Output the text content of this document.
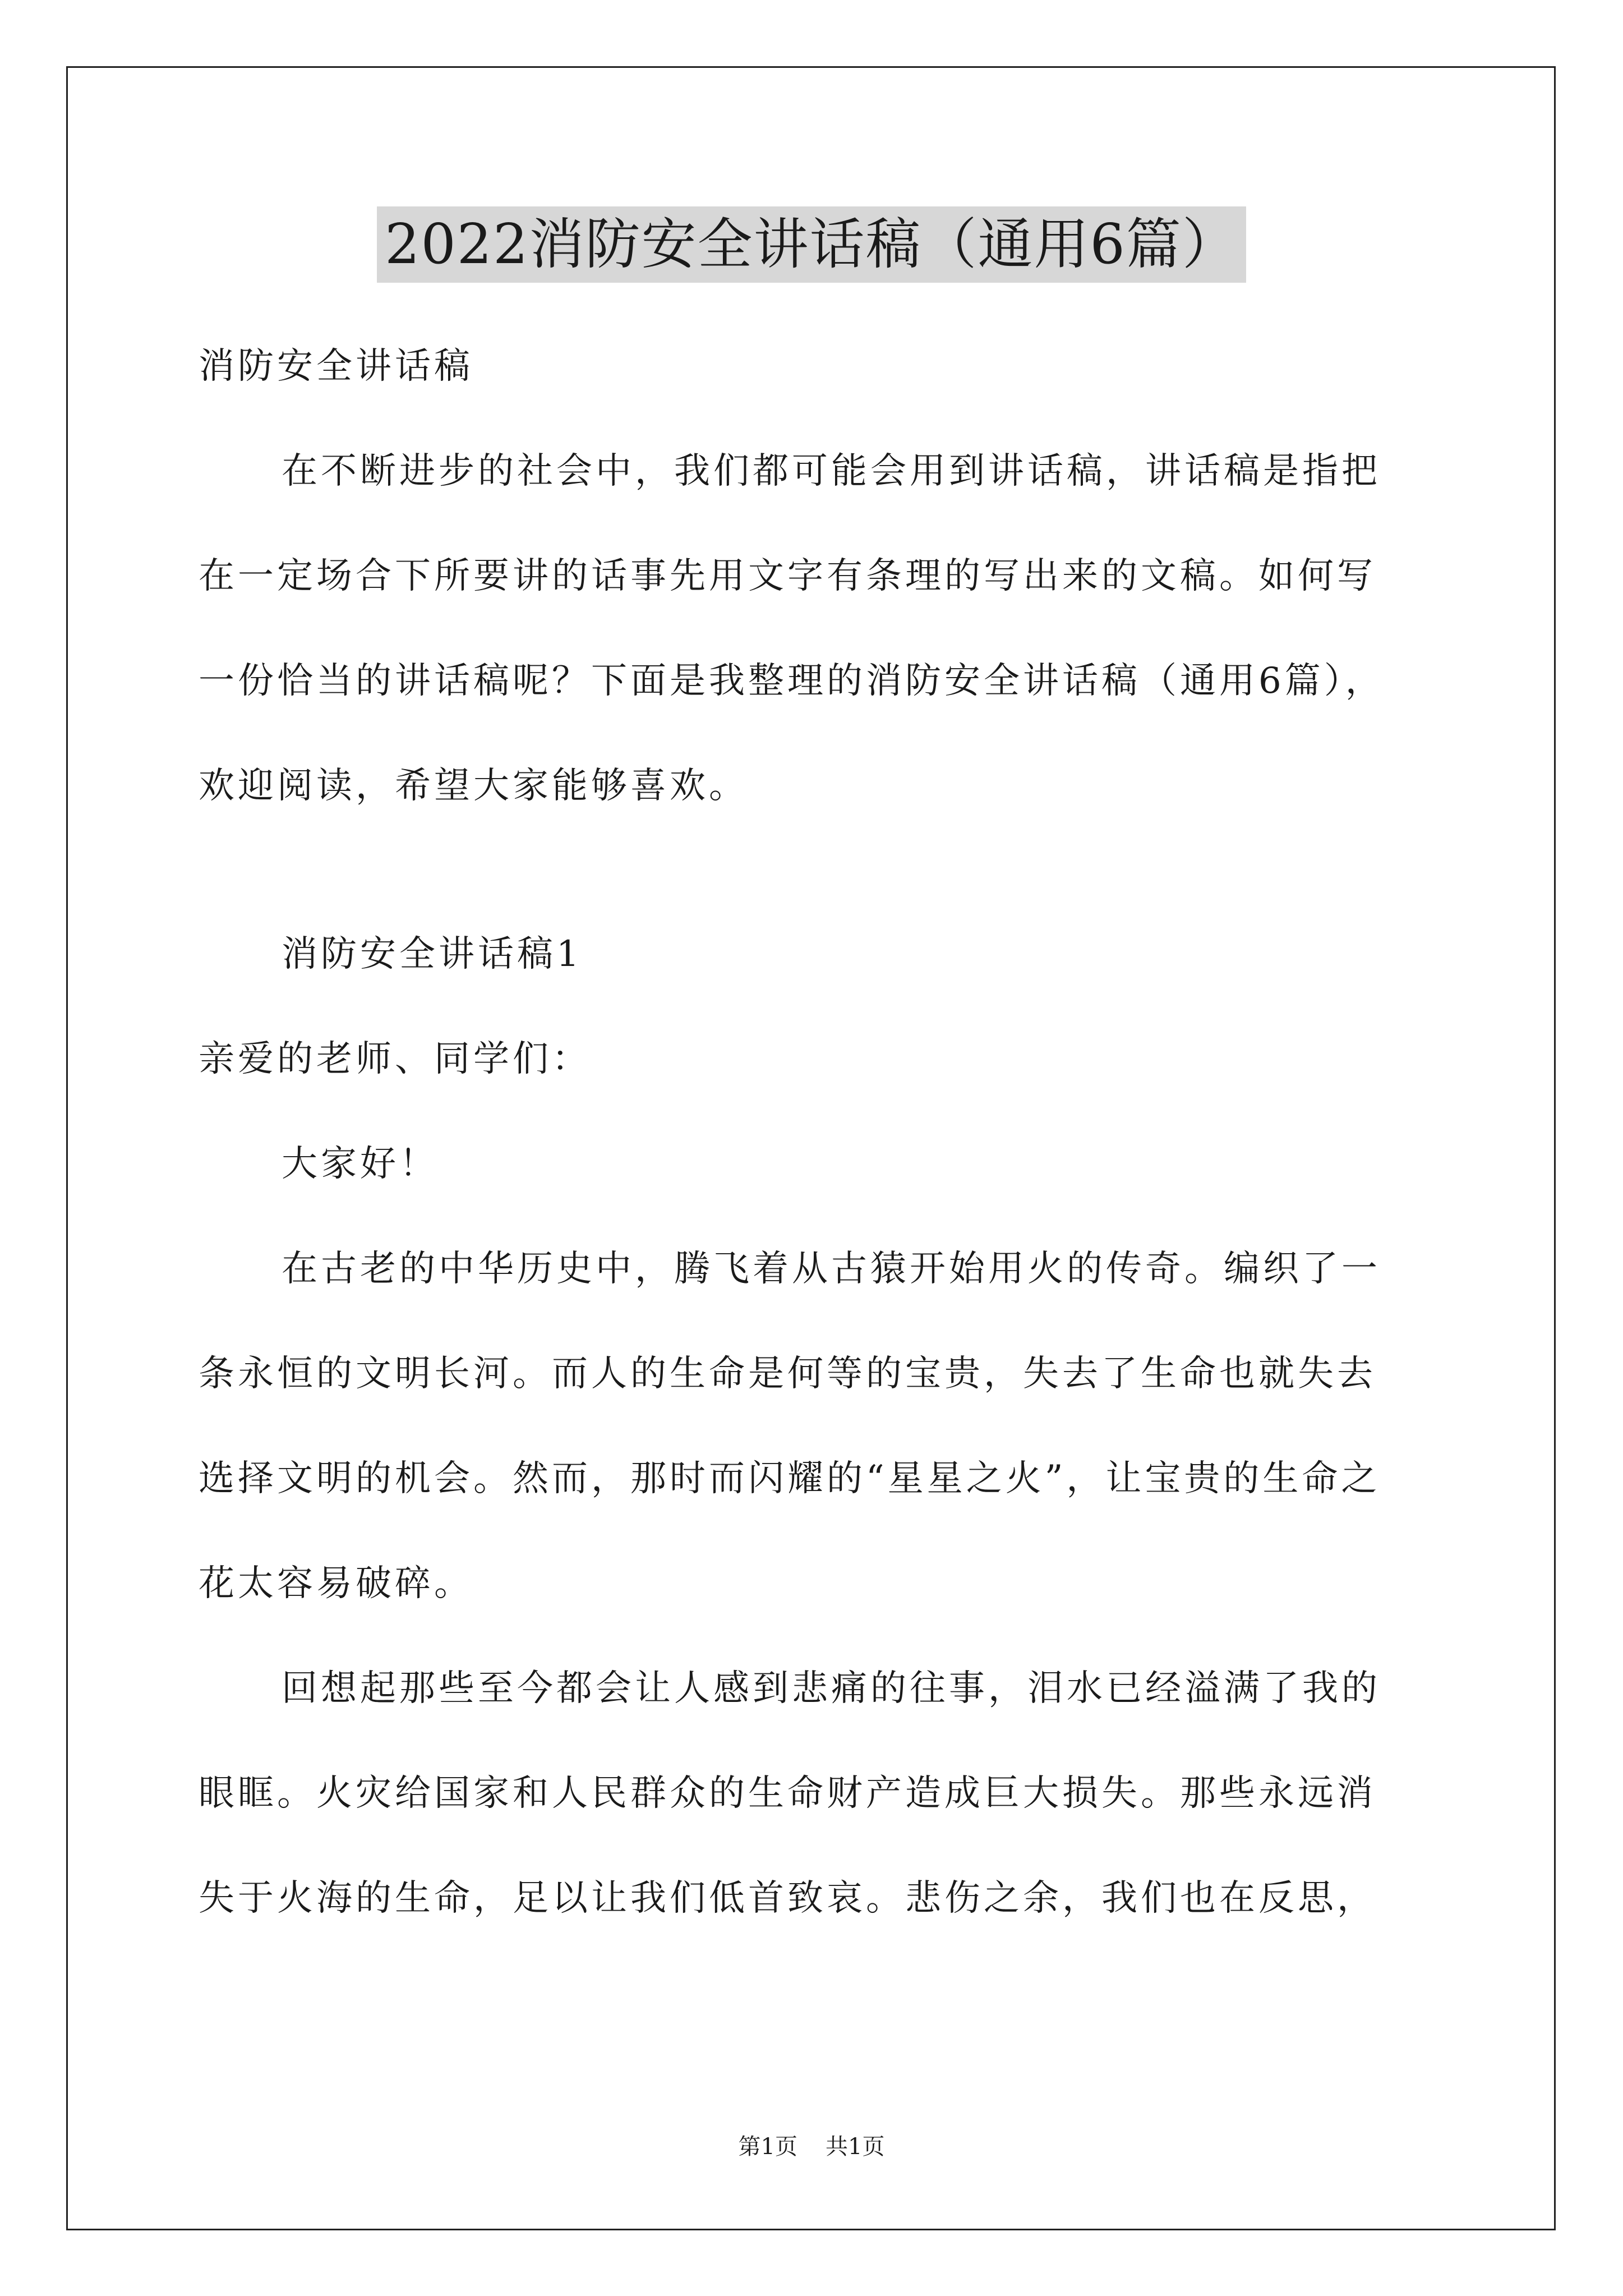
2022消防安全讲话稿（通用6篇）
消防安全讲话稿
在不断进步的社会中，我们都可能会用到讲话稿，讲话稿是指把
在一定场合下所要讲的话事先用文字有条理的写出来的文稿。如何写
一份恰当的讲话稿呢？下面是我整理的消防安全讲话稿（通用6篇），
欢迎阅读，希望大家能够喜欢。
消防安全讲话稿1
亲爱的老师、同学们：
大家好！
在古老的中华历史中，腾飞着从古猿开始用火的传奇。编织了一
条永恒的文明长河。而人的生命是何等的宝贵，失去了生命也就失去
选择文明的机会。然而，那时而闪耀的“星星之火”，让宝贵的生命之
花太容易破碎。
回想起那些至今都会让人感到悲痛的往事，泪水已经溢满了我的
眼眶。火灾给国家和人民群众的生命财产造成巨大损失。那些永远消
失于火海的生命，足以让我们低首致哀。悲伤之余，我们也在反思，
第1页 共1页
